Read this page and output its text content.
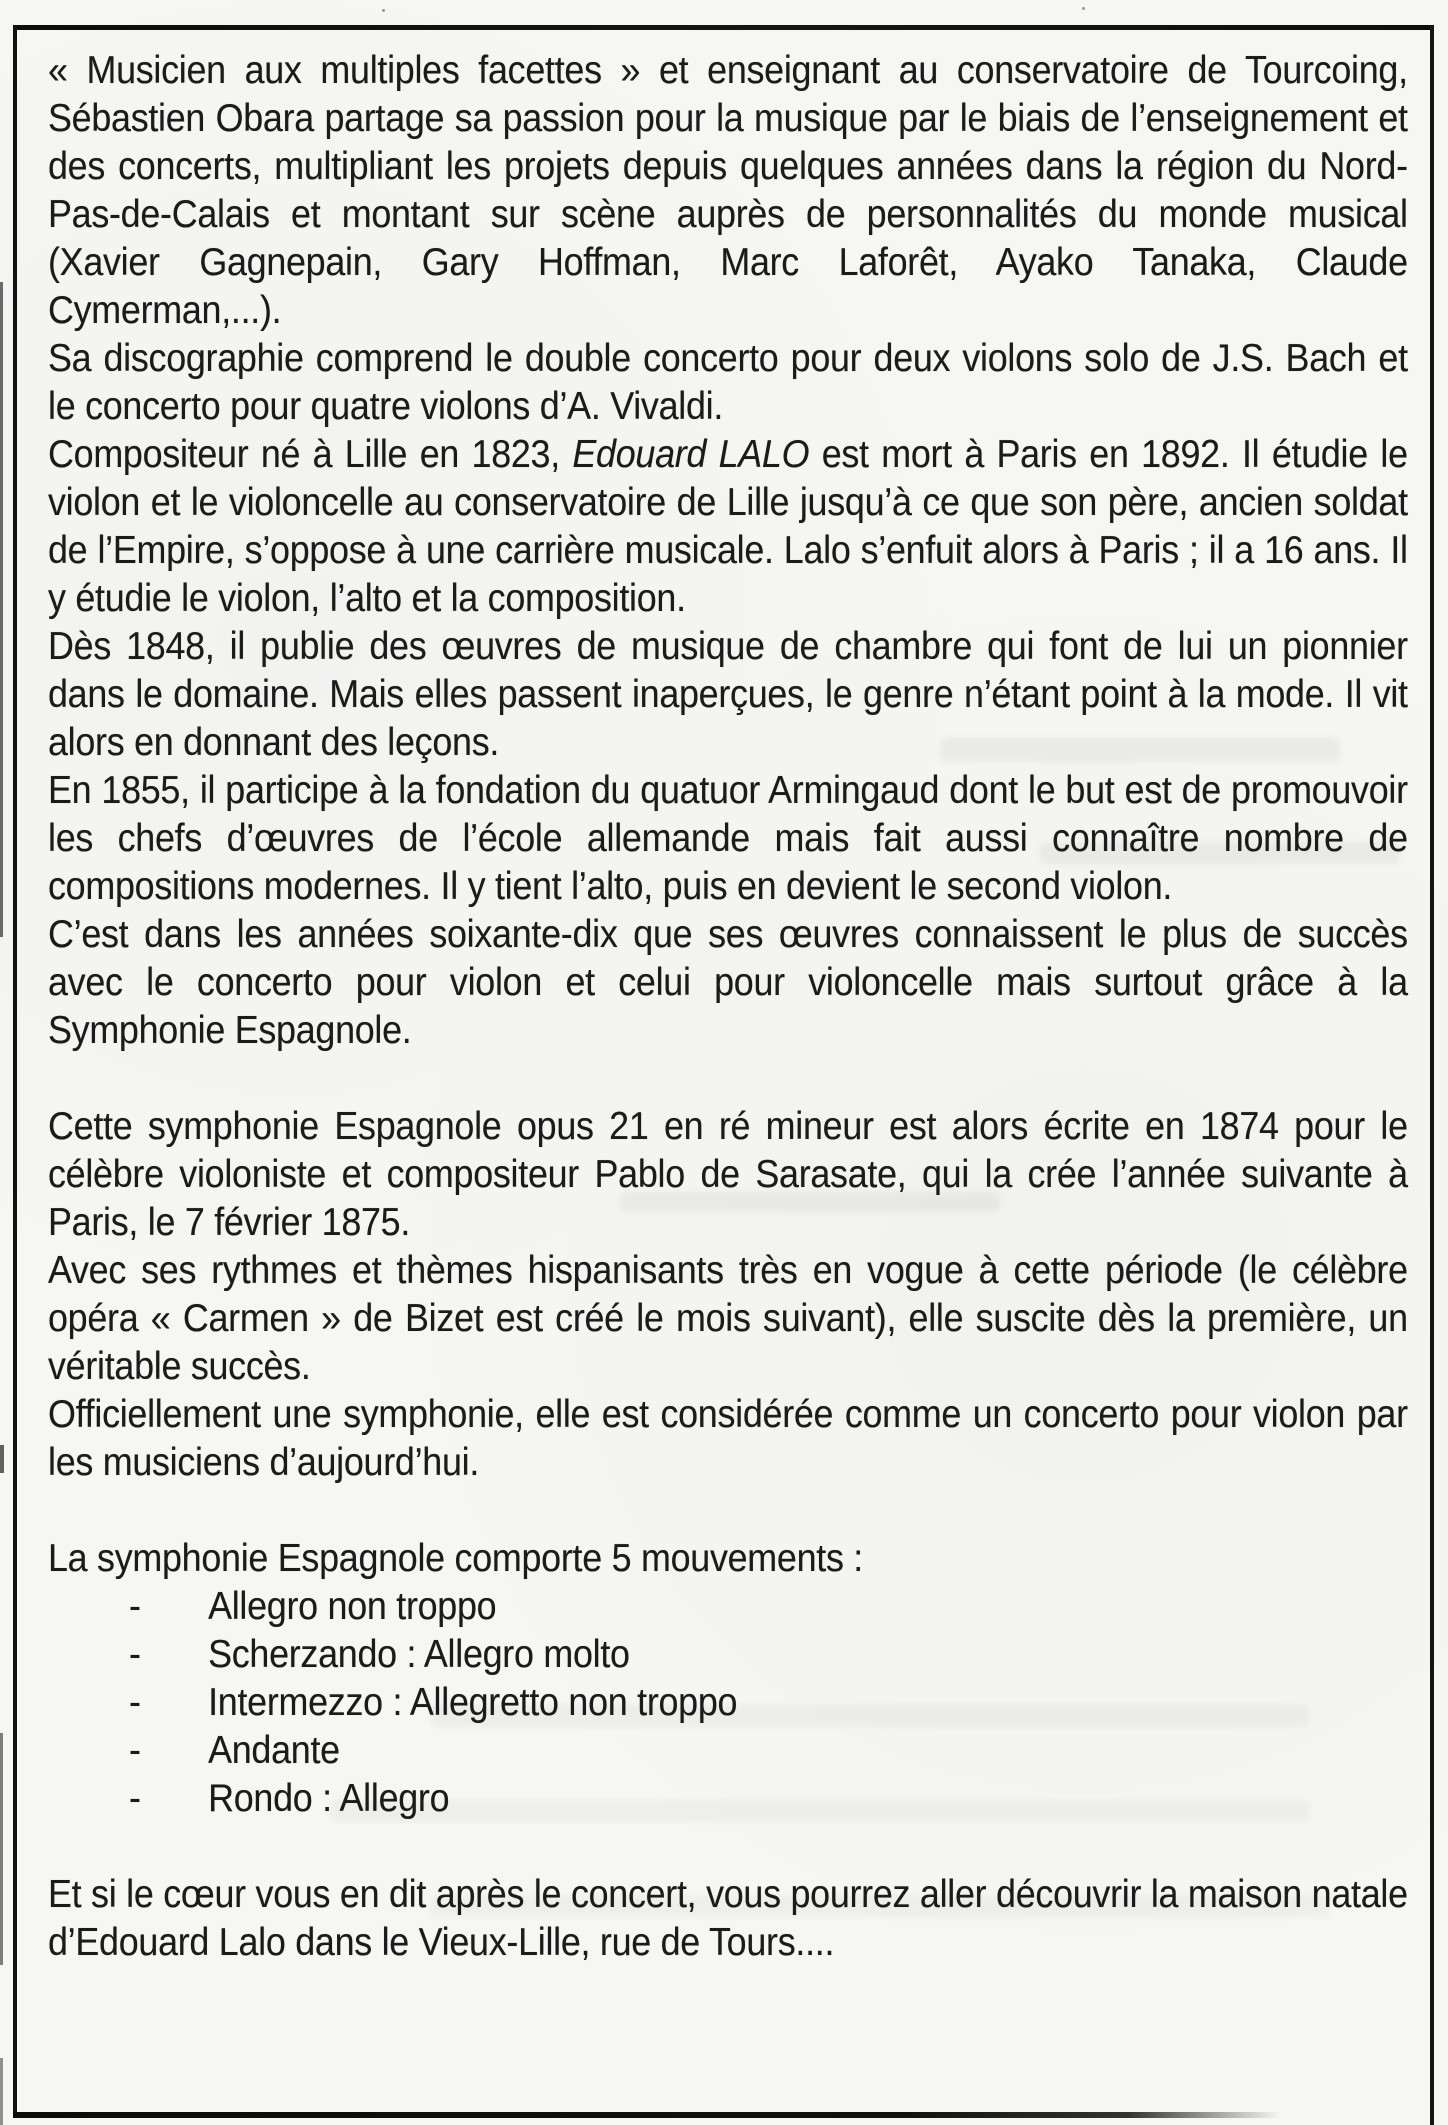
« Musicien aux multiples facettes » et enseignant au conservatoire de Tourcoing, Sébastien Obara partage sa passion pour la musique par le biais de l’enseignement et des concerts, multipliant les projets depuis quelques années dans la région du Nord-Pas-de-Calais et montant sur scène auprès de personnalités du monde musical (Xavier Gagnepain, Gary Hoffman, Marc Laforêt, Ayako Tanaka, Claude Cymerman,...).

Sa discographie comprend le double concerto pour deux violons solo de J.S. Bach et le concerto pour quatre violons d’A. Vivaldi.

Compositeur né à Lille en 1823, Edouard LALO est mort à Paris en 1892. Il étudie le violon et le violoncelle au conservatoire de Lille jusqu’à ce que son père, ancien soldat de l’Empire, s’oppose à une carrière musicale. Lalo s’enfuit alors à Paris ; il a 16 ans. Il y étudie le violon, l’alto et la composition.

Dès 1848, il publie des œuvres de musique de chambre qui font de lui un pionnier dans le domaine. Mais elles passent inaperçues, le genre n’étant point à la mode. Il vit alors en donnant des leçons.

En 1855, il participe à la fondation du quatuor Armingaud dont le but est de promouvoir les chefs d’œuvres de l’école allemande mais fait aussi connaître nombre de compositions modernes. Il y tient l’alto, puis en devient le second violon.

C’est dans les années soixante-dix que ses œuvres connaissent le plus de succès avec le concerto pour violon et celui pour violoncelle mais surtout grâce à la Symphonie Espagnole.

Cette symphonie Espagnole opus 21 en ré mineur est alors écrite en 1874 pour le célèbre violoniste et compositeur Pablo de Sarasate, qui la crée l’année suivante à Paris, le 7 février 1875.

Avec ses rythmes et thèmes hispanisants très en vogue à cette période (le célèbre opéra « Carmen » de Bizet est créé le mois suivant), elle suscite dès la première, un véritable succès.

Officiellement une symphonie, elle est considérée comme un concerto pour violon par les musiciens d’aujourd’hui.

La symphonie Espagnole comporte 5 mouvements :

-	Allegro non troppo
-	Scherzando : Allegro molto
-	Intermezzo : Allegretto non troppo
-	Andante
-	Rondo : Allegro

Et si le cœur vous en dit après le concert, vous pourrez aller découvrir la maison natale d’Edouard Lalo dans le Vieux-Lille, rue de Tours....
